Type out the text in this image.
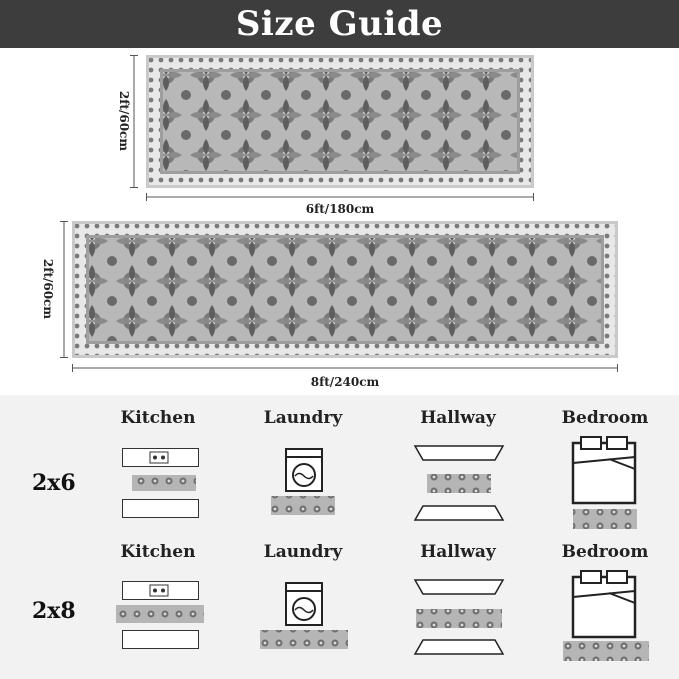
Size Guide
2ft/60cm
6ft/180cm
2ft/60cm
8ft/240cm
Kitchen	Laundry	Hallway	Bedroom
2x6
Kitchen	Laundry	Hallway	Bedroom
2x8
